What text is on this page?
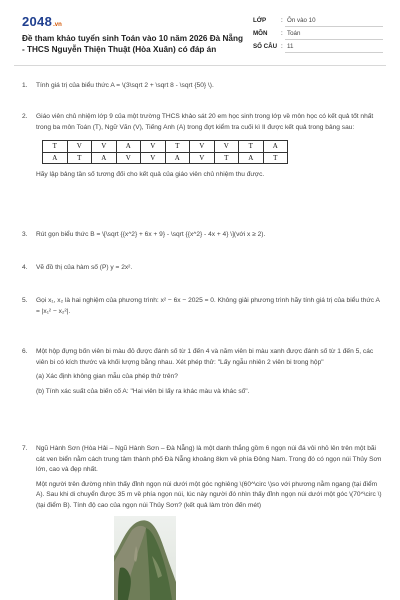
2048 .vn
Đề tham khảo tuyển sinh Toán vào 10 năm 2026 Đà Nẵng - THCS Nguyễn Thiện Thuật (Hòa Xuân) có đáp án
LỚP	: Ôn vào 10
MÔN	: Toán
SỐ CÂU : 11
1.	Tính giá trị của biểu thức A = \(3\sqrt 2 + \sqrt 8 - \sqrt {50} \).

2.	Giáo viên chủ nhiệm lớp 9 của một trường THCS khảo sát 20 em học sinh trong lớp về môn học có kết quả tốt nhất trong ba môn Toán (T), Ngữ Văn (V), Tiếng Anh (A) trong đợt kiểm tra cuối kì II được kết quả trong bảng sau:

T	V	V	A	V	T	V	V	T	A
A	T	A	V	V	A	V	T	A	T

Hãy lập bảng tần số tương đối cho kết quả của giáo viên chủ nhiệm thu được.

3.	Rút gọn biểu thức B = \[\sqrt {{x^2} + 6x + 9} - \sqrt {{x^2} - 4x + 4} \](với x ≥ 2).

4.	Vẽ đồ thị của hàm số (P) y = 2x².

5.	Gọi x₁, x₂ là hai nghiệm của phương trình: x² − 6x − 2025 = 0. Không giải phương trình hãy tính giá trị của biểu thức A = |x₁² − x₂²|.

6.	Một hộp đựng bốn viên bi màu đỏ được đánh số từ 1 đến 4 và năm viên bi màu xanh được đánh số từ 1 đến 5, các viên bi có kích thước và khối lượng bằng nhau. Xét phép thử: "Lấy ngẫu nhiên 2 viên bi trong hộp"

(a) Xác định không gian mẫu của phép thử trên?

(b) Tính xác suất của biến cố A: "Hai viên bi lấy ra khác màu và khác số".

7.	Ngũ Hành Sơn (Hòa Hải – Ngũ Hành Sơn – Đà Nẵng) là một danh thắng gồm 6 ngọn núi đá vôi nhỏ lên trên một bãi cát ven biển nằm cách trung tâm thành phố Đà Nẵng khoảng 8km về phía Đông Nam. Trong đó có ngọn núi Thủy Sơn lớn, cao và đẹp nhất.

Một người trên đường nhìn thấy đỉnh ngọn núi dưới một góc nghiêng \(60^\circ \)so với phương nằm ngang (tại điểm A). Sau khi di chuyển được 35 m về phía ngọn núi, lúc này người đó nhìn thấy đỉnh ngọn núi dưới một góc \(70^\circ \) (tại điểm B). Tính độ cao của ngọn núi Thủy Sơn? (kết quả làm tròn đến mét)
